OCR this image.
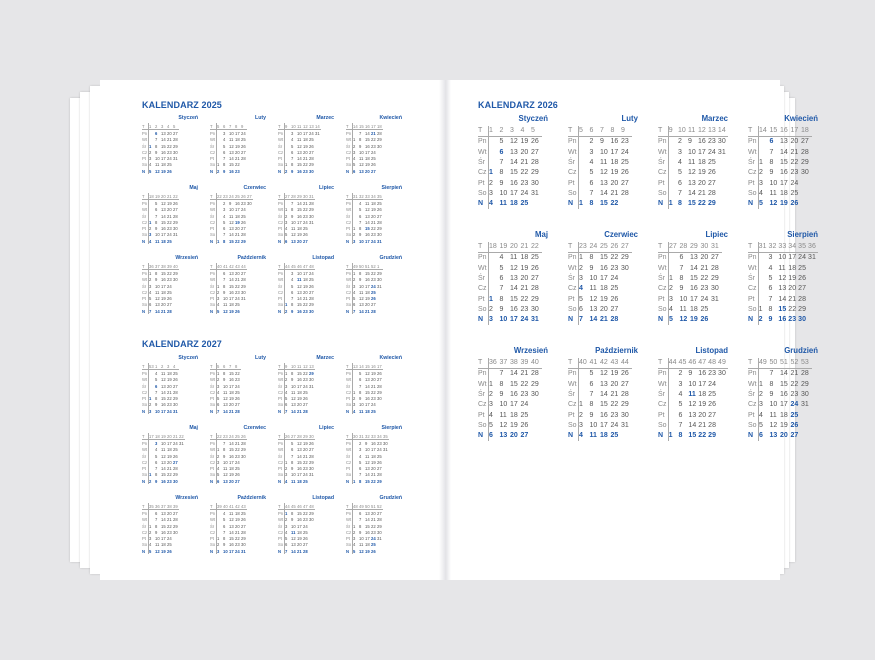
KALENDARZ 2025
KALENDARZ 2027
KALENDARZ 2026
Styczeń
T	1	2	3	4	5
Pn		6	13	20	27
Wt		7	14	21	28
Śr	1	8	15	22	29
Cz	2	9	16	23	30
Pt	3	10	17	24	31
So	4	11	18	25	
N	5	12	19	26	
Luty
T	5	6	7	8	9
Pn		3	10	17	24
Wt		4	11	18	25
Śr		5	12	19	26
Cz		6	13	20	27
Pt		7	14	21	28
So	1	8	15	22	
N	2	9	16	23	
Marzec
T	9	10	11	12	13	14
Pn		3	10	17	24	31
Wt		4	11	18	25	
Śr		5	12	19	26	
Cz		6	13	20	27	
Pt		7	14	21	28	
So	1	8	15	22	29	
N	2	9	16	23	30	
Kwiecień
T	14	15	16	17	18
Pn		7	14	21	28
Wt	1	8	15	22	29
Śr	2	9	16	23	30
Cz	3	10	17	24	
Pt	4	11	18	25	
So	5	12	19	26	
N	6	13	20	27	
Maj
T	18	19	20	21	22
Pn		5	12	19	26
Wt		6	13	20	27
Śr		7	14	21	28
Cz	1	8	15	22	29
Pt	2	9	16	23	30
So	3	10	17	24	31
N	4	11	18	25	
Czerwiec
T	22	23	24	25	26	27
Pn		2	9	16	23	30
Wt		3	10	17	24	
Śr		4	11	18	25	
Cz		5	12	19	26	
Pt		6	13	20	27	
So		7	14	21	28	
N	1	8	15	22	29	
Lipiec
T	27	28	29	30	31
Pn		7	14	21	28
Wt	1	8	15	22	29
Śr	2	9	16	23	30
Cz	3	10	17	24	31
Pt	4	11	18	25	
So	5	12	19	26	
N	6	13	20	27	
Sierpień
T	31	32	33	34	35
Pn		4	11	18	25
Wt		5	12	19	26
Śr		6	13	20	27
Cz		7	14	21	28
Pt	1	8	15	22	29
So	2	9	16	23	30
N	3	10	17	24	31
Wrzesień
T	36	37	38	39	40
Pn	1	8	15	22	29
Wt	2	9	16	23	30
Śr	3	10	17	24	
Cz	4	11	18	25	
Pt	5	12	19	26	
So	6	13	20	27	
N	7	14	21	28	
Październik
T	40	41	42	43	44
Pn		6	13	20	27
Wt		7	14	21	28
Śr	1	8	15	22	29
Cz	2	9	16	23	30
Pt	3	10	17	24	31
So	4	11	18	25	
N	5	12	19	26	
Listopad
T	44	45	46	47	48
Pn		3	10	17	24
Wt		4	11	18	25
Śr		5	12	19	26
Cz		6	13	20	27
Pt		7	14	21	28
So	1	8	15	22	29
N	2	9	16	23	30
Grudzień
T	49	50	51	52	1
Pn	1	8	15	22	29
Wt	2	9	16	23	30
Śr	3	10	17	24	31
Cz	4	11	18	25	
Pt	5	12	19	26	
So	6	13	20	27	
N	7	14	21	28	
Styczeń
T	1	2	3	4	5
Pn		5	12	19	26
Wt		6	13	20	27
Śr		7	14	21	28
Cz	1	8	15	22	29
Pt	2	9	16	23	30
So	3	10	17	24	31
N	4	11	18	25	
Luty
T	5	6	7	8	9
Pn		2	9	16	23
Wt		3	10	17	24
Śr		4	11	18	25
Cz		5	12	19	26
Pt		6	13	20	27
So		7	14	21	28
N	1	8	15	22	
Marzec
T	9	10	11	12	13	14
Pn		2	9	16	23	30
Wt		3	10	17	24	31
Śr		4	11	18	25	
Cz		5	12	19	26	
Pt		6	13	20	27	
So		7	14	21	28	
N	1	8	15	22	29	
Kwiecień
T	14	15	16	17	18
Pn		6	13	20	27
Wt		7	14	21	28
Śr	1	8	15	22	29
Cz	2	9	16	23	30
Pt	3	10	17	24	
So	4	11	18	25	
N	5	12	19	26	
Maj
T	18	19	20	21	22
Pn		4	11	18	25
Wt		5	12	19	26
Śr		6	13	20	27
Cz		7	14	21	28
Pt	1	8	15	22	29
So	2	9	16	23	30
N	3	10	17	24	31
Czerwiec
T	23	24	25	26	27
Pn	1	8	15	22	29
Wt	2	9	16	23	30
Śr	3	10	17	24	
Cz	4	11	18	25	
Pt	5	12	19	26	
So	6	13	20	27	
N	7	14	21	28	
Lipiec
T	27	28	29	30	31
Pn		6	13	20	27
Wt		7	14	21	28
Śr	1	8	15	22	29
Cz	2	9	16	23	30
Pt	3	10	17	24	31
So	4	11	18	25	
N	5	12	19	26	
Sierpień
T	31	32	33	34	35	36
Pn		3	10	17	24	31
Wt		4	11	18	25	
Śr		5	12	19	26	
Cz		6	13	20	27	
Pt		7	14	21	28	
So	1	8	15	22	29	
N	2	9	16	23	30	
Wrzesień
T	36	37	38	39	40
Pn		7	14	21	28
Wt	1	8	15	22	29
Śr	2	9	16	23	30
Cz	3	10	17	24	
Pt	4	11	18	25	
So	5	12	19	26	
N	6	13	20	27	
Październik
T	40	41	42	43	44
Pn		5	12	19	26
Wt		6	13	20	27
Śr		7	14	21	28
Cz	1	8	15	22	29
Pt	2	9	16	23	30
So	3	10	17	24	31
N	4	11	18	25	
Listopad
T	44	45	46	47	48	49
Pn		2	9	16	23	30
Wt		3	10	17	24	
Śr		4	11	18	25	
Cz		5	12	19	26	
Pt		6	13	20	27	
So		7	14	21	28	
N	1	8	15	22	29	
Grudzień
T	49	50	51	52	53
Pn		7	14	21	28
Wt	1	8	15	22	29
Śr	2	9	16	23	30
Cz	3	10	17	24	31
Pt	4	11	18	25	
So	5	12	19	26	
N	6	13	20	27	
Styczeń
T	53	1	2	3	4
Pn		4	11	18	25
Wt		5	12	19	26
Śr		6	13	20	27
Cz		7	14	21	28
Pt	1	8	15	22	29
So	2	9	16	23	30
N	3	10	17	24	31
Luty
T	5	6	7	8
Pn	1	8	15	22
Wt	2	9	16	23
Śr	3	10	17	24
Cz	4	11	18	25
Pt	5	12	19	26
So	6	13	20	27
N	7	14	21	28
Marzec
T	9	10	11	12	13
Pn	1	8	15	22	29
Wt	2	9	16	23	30
Śr	3	10	17	24	31
Cz	4	11	18	25	
Pt	5	12	19	26	
So	6	13	20	27	
N	7	14	21	28	
Kwiecień
T	13	14	15	16	17
Pn		5	12	19	26
Wt		6	13	20	27
Śr		7	14	21	28
Cz	1	8	15	22	29
Pt	2	9	16	23	30
So	3	10	17	24	
N	4	11	18	25	
Maj
T	17	18	19	20	21	22
Pn		3	10	17	24	31
Wt		4	11	18	25	
Śr		5	12	19	26	
Cz		6	13	20	27	
Pt		7	14	21	28	
So	1	8	15	22	29	
N	2	9	16	23	30	
Czerwiec
T	22	23	24	25	26
Pn		7	14	21	28
Wt	1	8	15	22	29
Śr	2	9	16	23	30
Cz	3	10	17	24	
Pt	4	11	18	25	
So	5	12	19	26	
N	6	13	20	27	
Lipiec
T	26	27	28	29	30
Pn		5	12	19	26
Wt		6	13	20	27
Śr		7	14	21	28
Cz	1	8	15	22	29
Pt	2	9	16	23	30
So	3	10	17	24	31
N	4	11	18	25	
Sierpień
T	30	31	32	33	34	35
Pn		2	9	16	23	30
Wt		3	10	17	24	31
Śr		4	11	18	25	
Cz		5	12	19	26	
Pt		6	13	20	27	
So		7	14	21	28	
N	1	8	15	22	29	
Wrzesień
T	35	36	37	38	39
Pn		6	13	20	27
Wt		7	14	21	28
Śr	1	8	15	22	29
Cz	2	9	16	23	30
Pt	3	10	17	24	
So	4	11	18	25	
N	5	12	19	26	
Październik
T	39	40	41	42	43
Pn		4	11	18	25
Wt		5	12	19	26
Śr		6	13	20	27
Cz		7	14	21	28
Pt	1	8	15	22	29
So	2	9	16	23	30
N	3	10	17	24	31
Listopad
T	44	45	46	47	48
Pn	1	8	15	22	29
Wt	2	9	16	23	30
Śr	3	10	17	24	
Cz	4	11	18	25	
Pt	5	12	19	26	
So	6	13	20	27	
N	7	14	21	28	
Grudzień
T	48	49	50	51	52
Pn		6	13	20	27
Wt		7	14	21	28
Śr	1	8	15	22	29
Cz	2	9	16	23	30
Pt	3	10	17	24	31
So	4	11	18	25	
N	5	12	19	26	
